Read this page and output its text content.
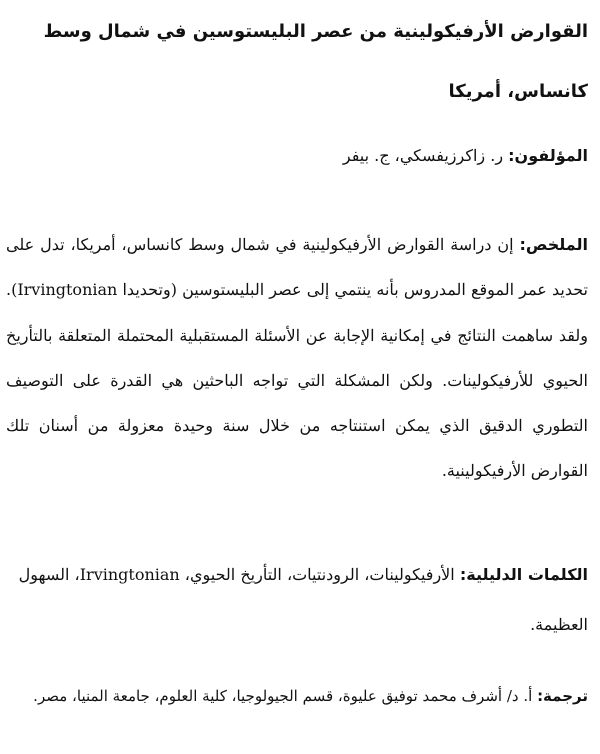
القوارض الأرفيكولينية من عصر البليستوسين في شمال وسط كانساس، أمريكا
المؤلفون: ر. زاكرزيفسكي، ج. بيفر
الملخص: إن دراسة القوارض الأرفيكولينية في شمال وسط كانساس، أمريكا، تدل على تحديد عمر الموقع المدروس بأنه ينتمي إلى عصر البليستوسين (وتحديدا Irvingtonian). ولقد ساهمت النتائج في إمكانية الإجابة عن الأسئلة المستقبلية المحتملة المتعلقة بالتأريخ الحيوي للأرفيكولينات. ولكن المشكلة التي تواجه الباحثين هي القدرة على التوصيف التطوري الدقيق الذي يمكن استنتاجه من خلال سنة وحيدة معزولة من أسنان تلك القوارض الأرفيكولينية.
الكلمات الدليلية: الأرفيكولينات، الرودنتيات، التأريخ الحيوي، Irvingtonian، السهول العظيمة.
ترجمة: أ. د/ أشرف محمد توفيق عليوة، قسم الجيولوجيا، كلية العلوم، جامعة المنيا، مصر.
